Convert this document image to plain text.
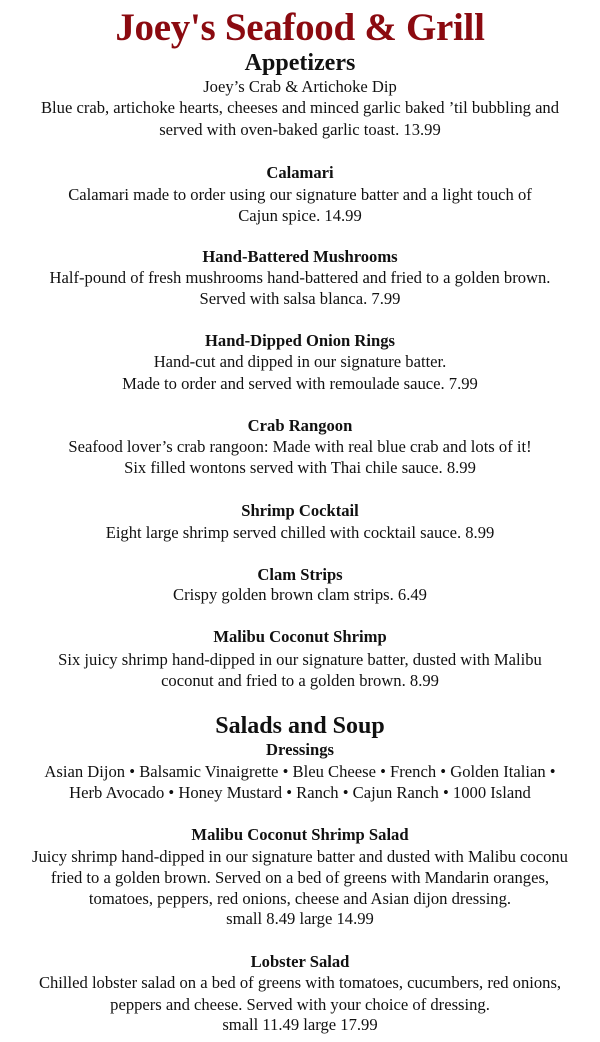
Joey's Seafood & Grill
Appetizers
Joey’s Crab & Artichoke Dip
Blue crab, artichoke hearts, cheeses and minced garlic baked ’til bubbling and
served with oven-baked garlic toast. 13.99
Calamari
Calamari made to order using our signature batter and a light touch of
Cajun spice. 14.99
Hand-Battered Mushrooms
Half-pound of fresh mushrooms hand-battered and fried to a golden brown.
Served with salsa blanca. 7.99
Hand-Dipped Onion Rings
Hand-cut and dipped in our signature batter.
Made to order and served with remoulade sauce. 7.99
Crab Rangoon
Seafood lover’s crab rangoon: Made with real blue crab and lots of it!
Six filled wontons served with Thai chile sauce. 8.99
Shrimp Cocktail
Eight large shrimp served chilled with cocktail sauce. 8.99
Clam Strips
Crispy golden brown clam strips. 6.49
Malibu Coconut Shrimp
Six juicy shrimp hand-dipped in our signature batter, dusted with Malibu
coconut and fried to a golden brown. 8.99
Salads and Soup
Dressings
Asian Dijon • Balsamic Vinaigrette • Bleu Cheese • French • Golden Italian •
Herb Avocado • Honey Mustard • Ranch • Cajun Ranch • 1000 Island
Malibu Coconut Shrimp Salad
Juicy shrimp hand-dipped in our signature batter and dusted with Malibu coconu
fried to a golden brown. Served on a bed of greens with Mandarin oranges,
tomatoes, peppers, red onions, cheese and Asian dijon dressing.
small 8.49 large 14.99
Lobster Salad
Chilled lobster salad on a bed of greens with tomatoes, cucumbers, red onions,
peppers and cheese. Served with your choice of dressing.
small 11.49 large 17.99
